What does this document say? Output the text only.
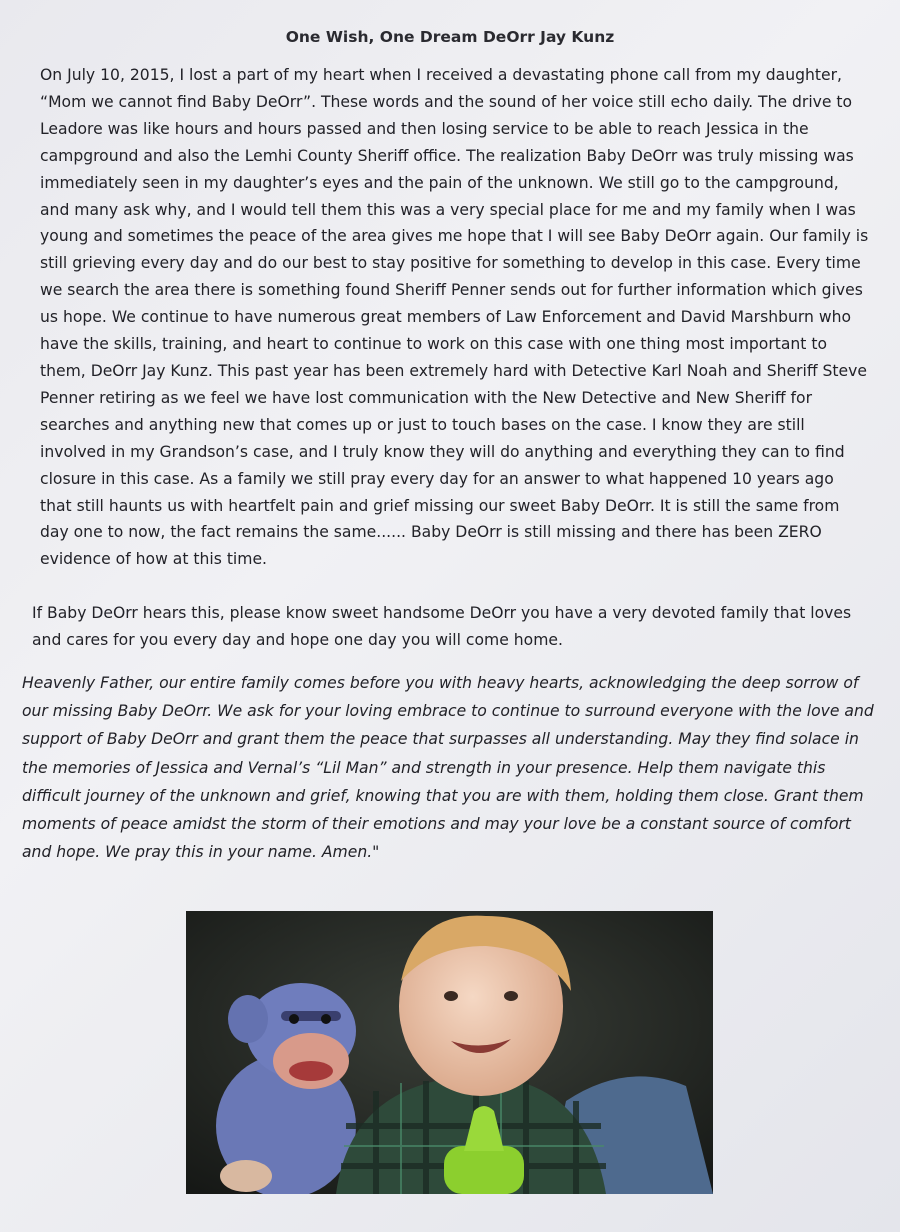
One Wish, One Dream DeOrr Jay Kunz

On July 10, 2015, I lost a part of my heart when I received a devastating phone call from my daughter, “Mom we cannot find Baby DeOrr”. These words and the sound of her voice still echo daily. The drive to Leadore was like hours and hours passed and then losing service to be able to reach Jessica in the campground and also the Lemhi County Sheriff office. The realization Baby DeOrr was truly missing was immediately seen in my daughter’s eyes and the pain of the unknown. We still go to the campground, and many ask why, and I would tell them this was a very special place for me and my family when I was young and sometimes the peace of the area gives me hope that I will see Baby DeOrr again. Our family is still grieving every day and do our best to stay positive for something to develop in this case. Every time we search the area there is something found Sheriff Penner sends out for further information which gives us hope. We continue to have numerous great members of Law Enforcement and David Marshburn who have the skills, training, and heart to continue to work on this case with one thing most important to them, DeOrr Jay Kunz. This past year has been extremely hard with Detective Karl Noah and Sheriff Steve Penner retiring as we feel we have lost communication with the New Detective and New Sheriff for searches and anything new that comes up or just to touch bases on the case. I know they are still involved in my Grandson’s case, and I truly know they will do anything and everything they can to find closure in this case. As a family we still pray every day for an answer to what happened 10 years ago that still haunts us with heartfelt pain and grief missing our sweet Baby DeOrr. It is still the same from day one to now, the fact remains the same...... Baby DeOrr is still missing and there has been ZERO evidence of how at this time.

If Baby DeOrr hears this, please know sweet handsome DeOrr you have a very devoted family that loves and cares for you every day and hope one day you will come home.

Heavenly Father, our entire family comes before you with heavy hearts, acknowledging the deep sorrow of our missing Baby DeOrr. We ask for your loving embrace to continue to surround everyone with the love and support of Baby DeOrr and grant them the peace that surpasses all understanding. May they find solace in the memories of Jessica and Vernal’s “Lil Man” and strength in your presence. Help them navigate this difficult journey of the unknown and grief, knowing that you are with them, holding them close. Grant them moments of peace amidst the storm of their emotions and may your love be a constant source of comfort and hope. We pray this in your name. Amen."
